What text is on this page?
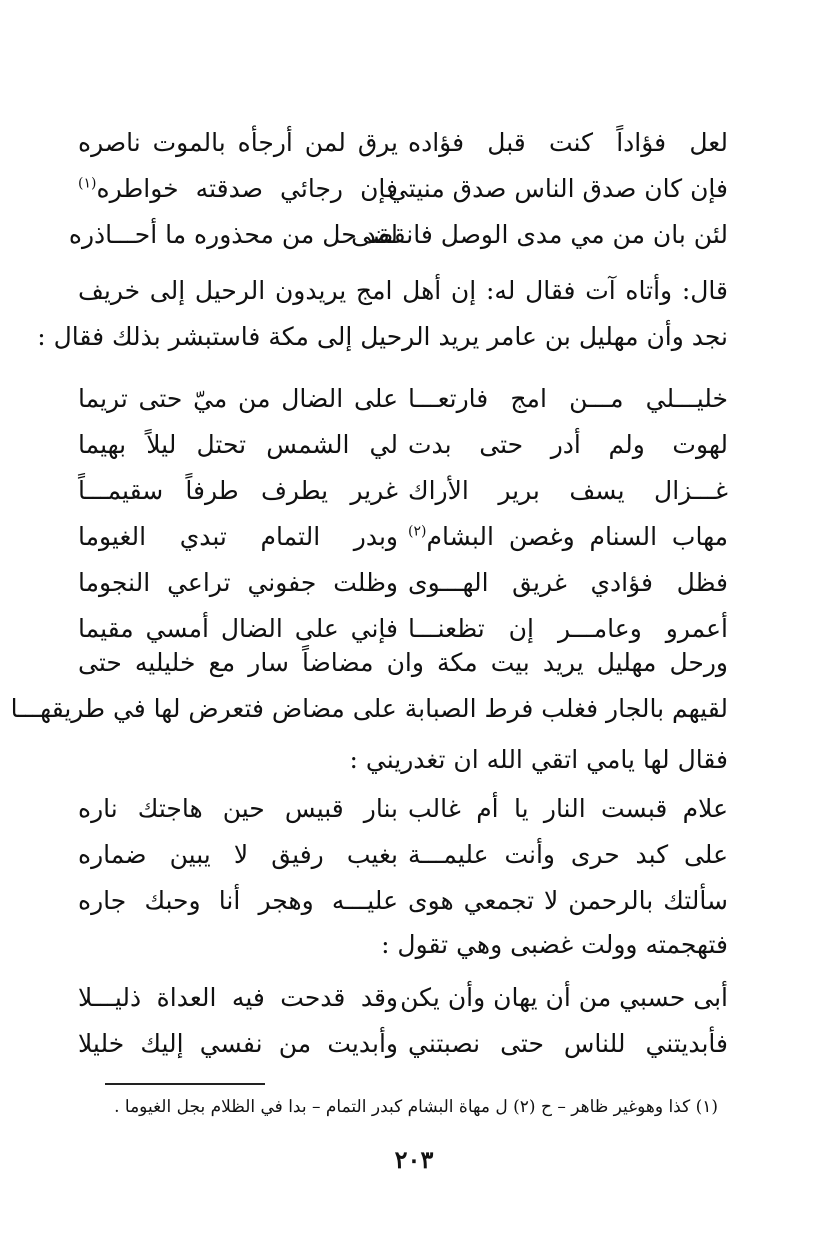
لعل فؤاداً كنت قبل فؤاده
يرق لمن أرجأه بالموت ناصره
فإن كان صدق الناس صدق منيتي
فإن رجائي صدقته خواطره$^{(١)}$
لئن بان من مي مدى الوصل فانقضى
لقد حل من محذوره ما أحـــاذره
قال: وأتاه آت فقال له: إن أهل امج يريدون الرحيل إلى خريف
نجد وأن مهليل بن عامر يريد الرحيل إلى مكة فاستبشر بذلك فقال :
خليـــلي مـــن امج فارتعـــا
على الضال من ميّ حتى تريما
لهوت ولم أدر حتى بدت
لي الشمس تحتل ليلاً بهيما
غـــزال يسف برير الأراك
غرير يطرف طرفاً سقيمـــاً
مهاب السنام وغصن البشام$^{(٢)}$
وبدر التمام تبدي الغيوما
فظل فؤادي غريق الهـــوى
وظلت جفوني تراعي النجوما
أعمرو وعامـــر إن تظعنـــا
فإني على الضال أمسي مقيما
ورحل مهليل يريد بيت مكة وان مضاضاً سار مع خليليه حتى
لقيهم بالجار فغلب فرط الصبابة على مضاض فتعرض لها في طريقهـــا
فقال لها يامي اتقي الله ان تغدريني :
علام قبست النار يا أم غالب
بنار قبيس حين هاجتك ناره
على كبد حرى وأنت عليمـــة
بغيب رفيق لا يبين ضماره
سألتك بالرحمن لا تجمعي هوى
عليـــه وهجر أنا وحبك جاره
فتهجمته وولت غضبى وهي تقول :
أبى حسبي من أن يهان وأن يكن
وقد قدحت فيه العداة ذليـــلا
فأبديتني للناس حتى نصبتني
وأبديت من نفسي إليك خليلا
(١) كذا وهوغير ظاهر – ح (٢) ل مهاة البشام كبدر التمام – بدا في الظلام بجل الغيوما .
٢٠٣
